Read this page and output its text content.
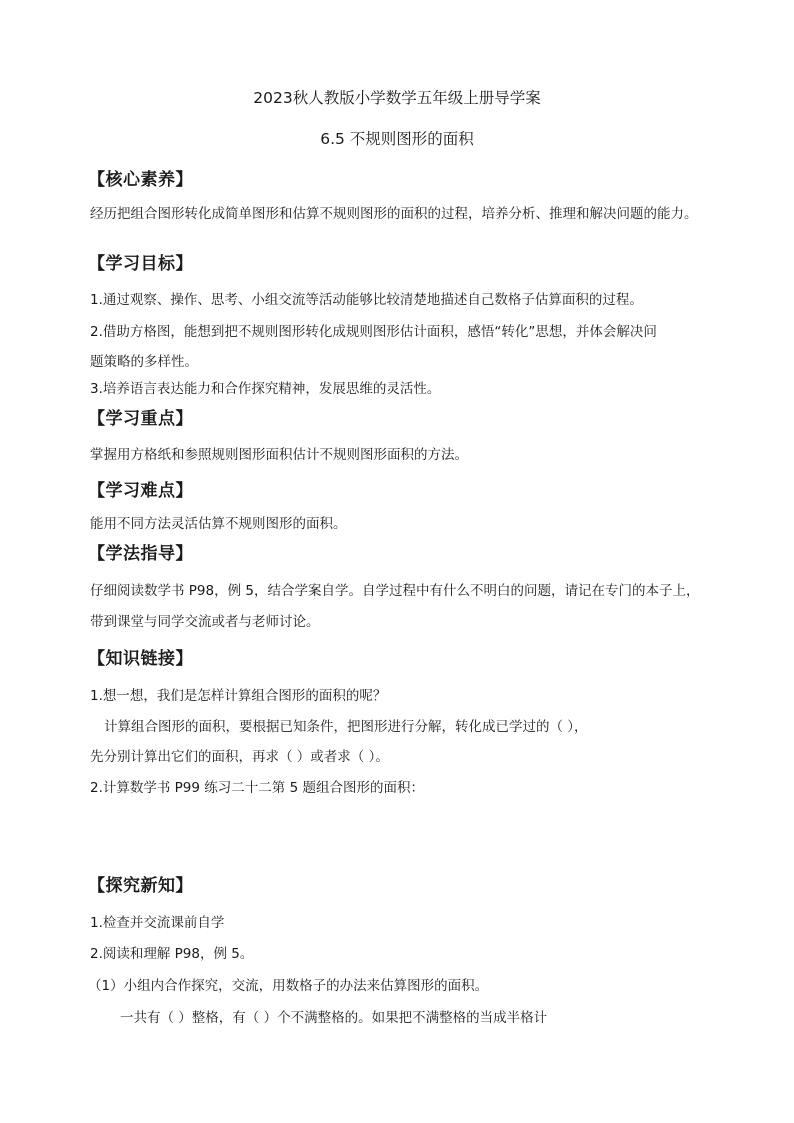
2023秋人教版小学数学五年级上册导学案
6.5 不规则图形的面积
【核心素养】
经历把组合图形转化成简单图形和估算不规则图形的面积的过程，培养分析、推理和解决问题的能力。
【学习目标】
1.通过观察、操作、思考、小组交流等活动能够比较清楚地描述自己数格子估算面积的过程。
2.借助方格图，能想到把不规则图形转化成规则图形估计面积，感悟“转化”思想，并体会解决问
题策略的多样性。
3.培养语言表达能力和合作探究精神，发展思维的灵活性。
【学习重点】
掌握用方格纸和参照规则图形面积估计不规则图形面积的方法。
【学习难点】
能用不同方法灵活估算不规则图形的面积。
【学法指导】
仔细阅读数学书 P98，例 5，结合学案自学。自学过程中有什么不明白的问题，请记在专门的本子上，
带到课堂与同学交流或者与老师讨论。
【知识链接】
1.想一想，我们是怎样计算组合图形的面积的呢？
计算组合图形的面积，要根据已知条件，把图形进行分解，转化成已学过的（ ），
先分别计算出它们的面积，再求（ ）或者求（ ）。
2.计算数学书 P99 练习二十二第 5 题组合图形的面积：
【探究新知】
1.检查并交流课前自学
2.阅读和理解 P98，例 5。
（1）小组内合作探究，交流，用数格子的办法来估算图形的面积。
一共有（ ）整格，有（ ）个不满整格的。如果把不满整格的当成半格计
